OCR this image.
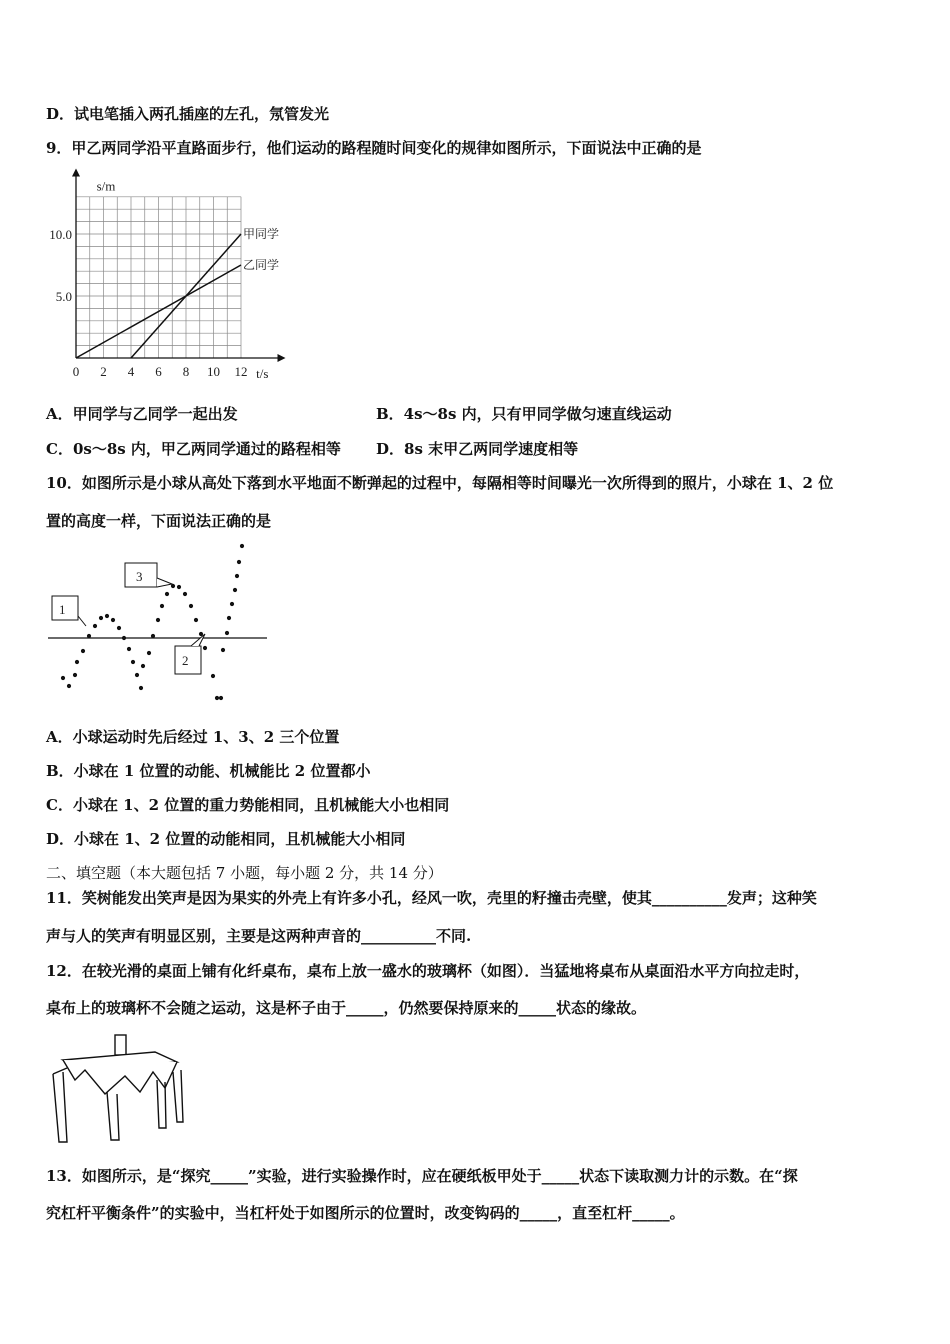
D．试电笔插入两孔插座的左孔，氖管发光
9．甲乙两同学沿平直路面步行，他们运动的路程随时间变化的规律如图所示，下面说法中正确的是
0 2 4 6 8 10 12
5.0
10.0
t/s
s/m
甲同学
乙同学
A．甲同学与乙同学一起出发	B．4s～8s 内，只有甲同学做匀速直线运动
C．0s～8s 内，甲乙两同学通过的路程相等 D．8s 末甲乙两同学速度相等
10．如图所示是小球从高处下落到水平地面不断弹起的过程中，每隔相等时间曝光一次所得到的照片，小球在 1、2 位
置的高度一样，下面说法正确的是
1
3
2
A．小球运动时先后经过 1、3、2 三个位置
B．小球在 1 位置的动能、机械能比 2 位置都小
C．小球在 1、2 位置的重力势能相同，且机械能大小也相同
D．小球在 1、2 位置的动能相同，且机械能大小相同
二、填空题（本大题包括 7 小题，每小题 2 分，共 14 分）
11．笑树能发出笑声是因为果实的外壳上有许多小孔，经风一吹，壳里的籽撞击壳壁，使其__________发声；这种笑
声与人的笑声有明显区别，主要是这两种声音的__________不同.
12．在较光滑的桌面上铺有化纤桌布，桌布上放一盛水的玻璃杯（如图）．当猛地将桌布从桌面沿水平方向拉走时，
桌布上的玻璃杯不会随之运动，这是杯子由于_____，仍然要保持原来的_____状态的缘故。
13．如图所示，是“探究_____”实验，进行实验操作时，应在硬纸板甲处于_____状态下读取测力计的示数。在“探
究杠杆平衡条件”的实验中，当杠杆处于如图所示的位置时，改变钩码的_____，直至杠杆_____。
